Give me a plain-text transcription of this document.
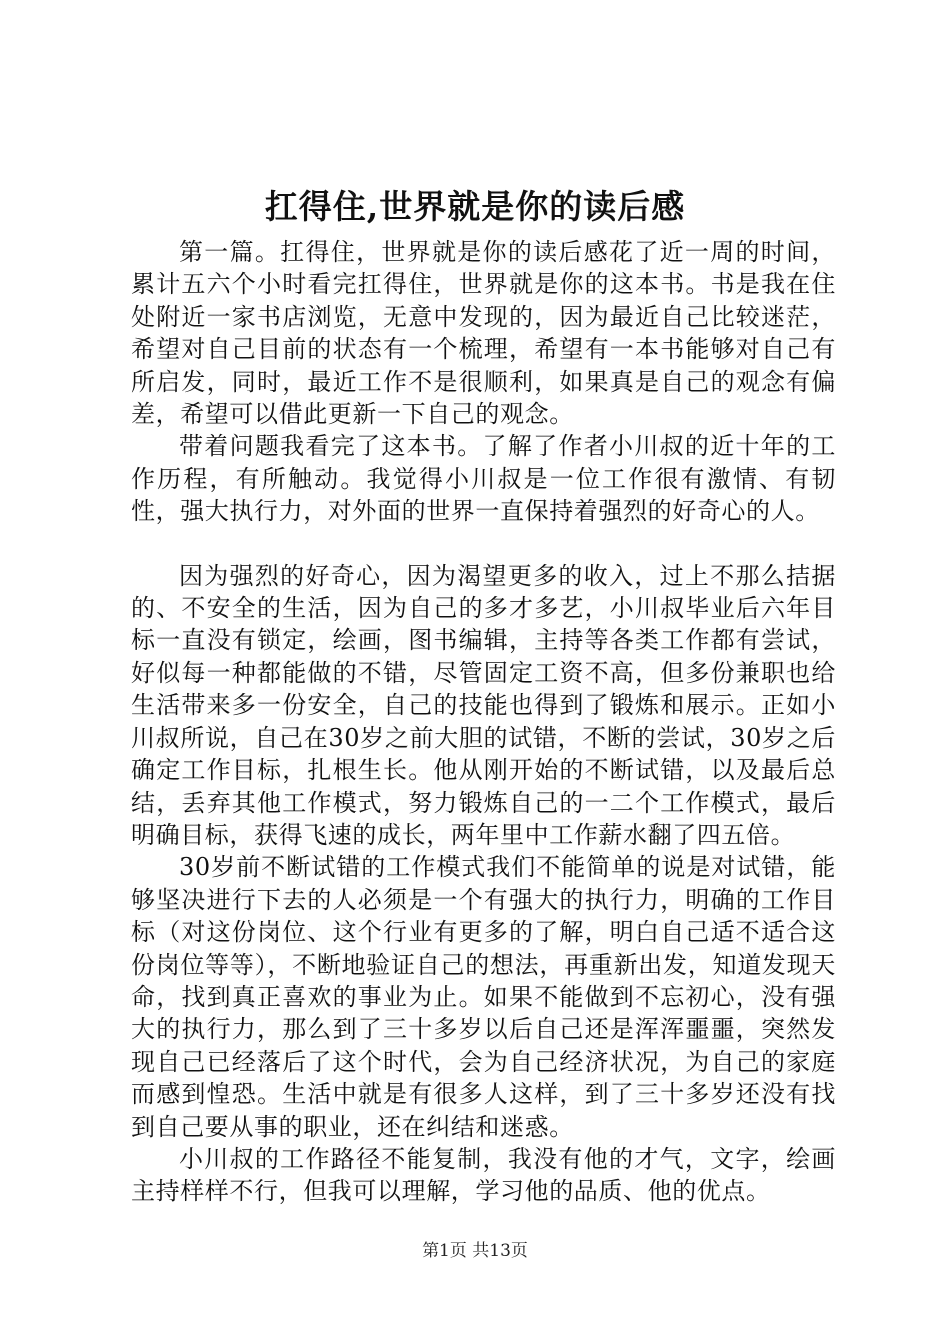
扛得住,世界就是你的读后感

第一篇。扛得住，世界就是你的读后感花了近一周的时间，累计五六个小时看完扛得住，世界就是你的这本书。书是我在住处附近一家书店浏览，无意中发现的，因为最近自己比较迷茫，希望对自己目前的状态有一个梳理，希望有一本书能够对自己有所启发，同时，最近工作不是很顺利，如果真是自己的观念有偏差，希望可以借此更新一下自己的观念。

带着问题我看完了这本书。了解了作者小川叔的近十年的工作历程，有所触动。我觉得小川叔是一位工作很有激情、有韧性，强大执行力，对外面的世界一直保持着强烈的好奇心的人。

因为强烈的好奇心，因为渴望更多的收入，过上不那么拮据的、不安全的生活，因为自己的多才多艺，小川叔毕业后六年目标一直没有锁定，绘画，图书编辑，主持等各类工作都有尝试，好似每一种都能做的不错，尽管固定工资不高，但多份兼职也给生活带来多一份安全，自己的技能也得到了锻炼和展示。正如小川叔所说，自己在30岁之前大胆的试错，不断的尝试，30岁之后确定工作目标，扎根生长。他从刚开始的不断试错，以及最后总结，丢弃其他工作模式，努力锻炼自己的一二个工作模式，最后明确目标，获得飞速的成长，两年里中工作薪水翻了四五倍。

30岁前不断试错的工作模式我们不能简单的说是对试错，能够坚决进行下去的人必须是一个有强大的执行力，明确的工作目标（对这份岗位、这个行业有更多的了解，明白自己适不适合这份岗位等等），不断地验证自己的想法，再重新出发，知道发现天命，找到真正喜欢的事业为止。如果不能做到不忘初心，没有强大的执行力，那么到了三十多岁以后自己还是浑浑噩噩，突然发现自己已经落后了这个时代，会为自己经济状况，为自己的家庭而感到惶恐。生活中就是有很多人这样，到了三十多岁还没有找到自己要从事的职业，还在纠结和迷惑。

小川叔的工作路径不能复制，我没有他的才气，文字，绘画主持样样不行，但我可以理解，学习他的品质、他的优点。

第1页 共13页
